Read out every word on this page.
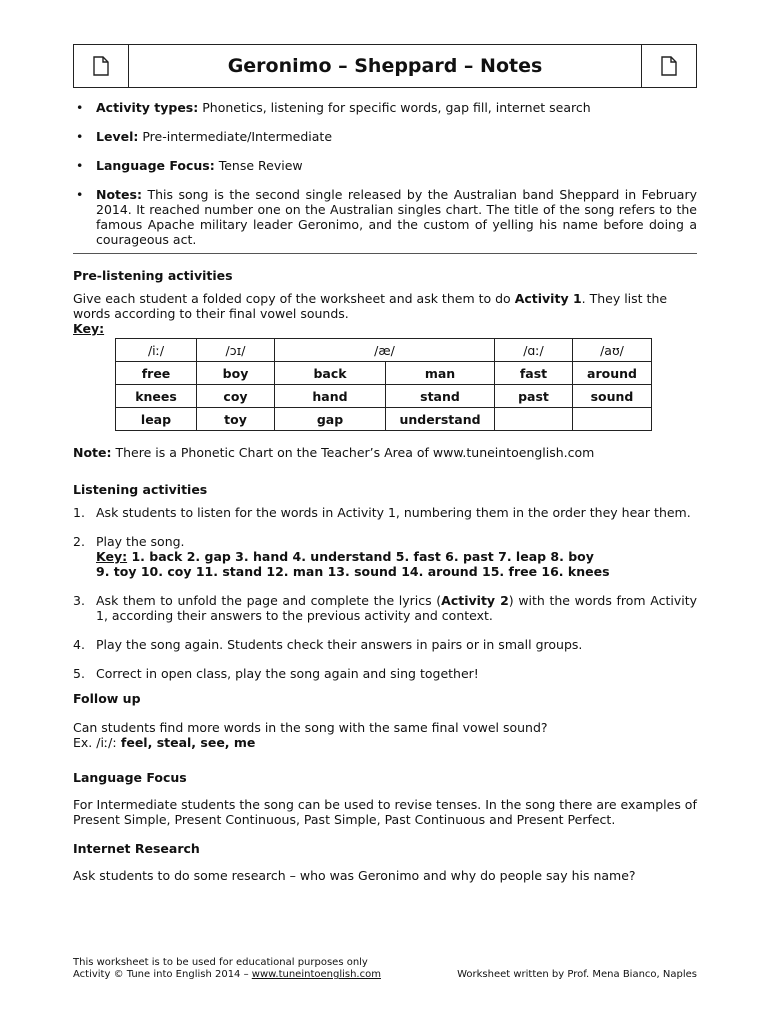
Geronimo – Sheppard – Notes
• Activity types: Phonetics, listening for specific words, gap fill, internet search
• Level: Pre-intermediate/Intermediate
• Language Focus: Tense Review
• Notes: This song is the second single released by the Australian band Sheppard in February 2014. It reached number one on the Australian singles chart. The title of the song refers to the famous Apache military leader Geronimo, and the custom of yelling his name before doing a courageous act.
Pre-listening activities

Give each student a folded copy of the worksheet and ask them to do Activity 1. They list the words according to their final vowel sounds.

Key:

/iː/	/ɔɪ/	/æ/		/ɑː/	/aʊ/
free	boy	back	man	fast	around
knees	coy	hand	stand	past	sound
leap	toy	gap	understand		

Note: There is a Phonetic Chart on the Teacher’s Area of www.tuneintoenglish.com

Listening activities
1. Ask students to listen for the words in Activity 1, numbering them in the order they hear them.
2. Play the song.
Key: 1. back 2. gap 3. hand 4. understand 5. fast 6. past 7. leap 8. boy
9. toy 10. coy 11. stand 12. man 13. sound 14. around 15. free 16. knees
3. Ask them to unfold the page and complete the lyrics (Activity 2) with the words from Activity 1, according their answers to the previous activity and context.
4. Play the song again. Students check their answers in pairs or in small groups.
5. Correct in open class, play the song again and sing together!
Follow up

Can students find more words in the song with the same final vowel sound?

Ex. /iː/: feel, steal, see, me

Language Focus

For Intermediate students the song can be used to revise tenses. In the song there are examples of Present Simple, Present Continuous, Past Simple, Past Continuous and Present Perfect.

Internet Research

Ask students to do some research – who was Geronimo and why do people say his name?

This worksheet is to be used for educational purposes only
Activity © Tune into English 2014 – www.tuneintoenglish.com	Worksheet written by Prof. Mena Bianco, Naples
